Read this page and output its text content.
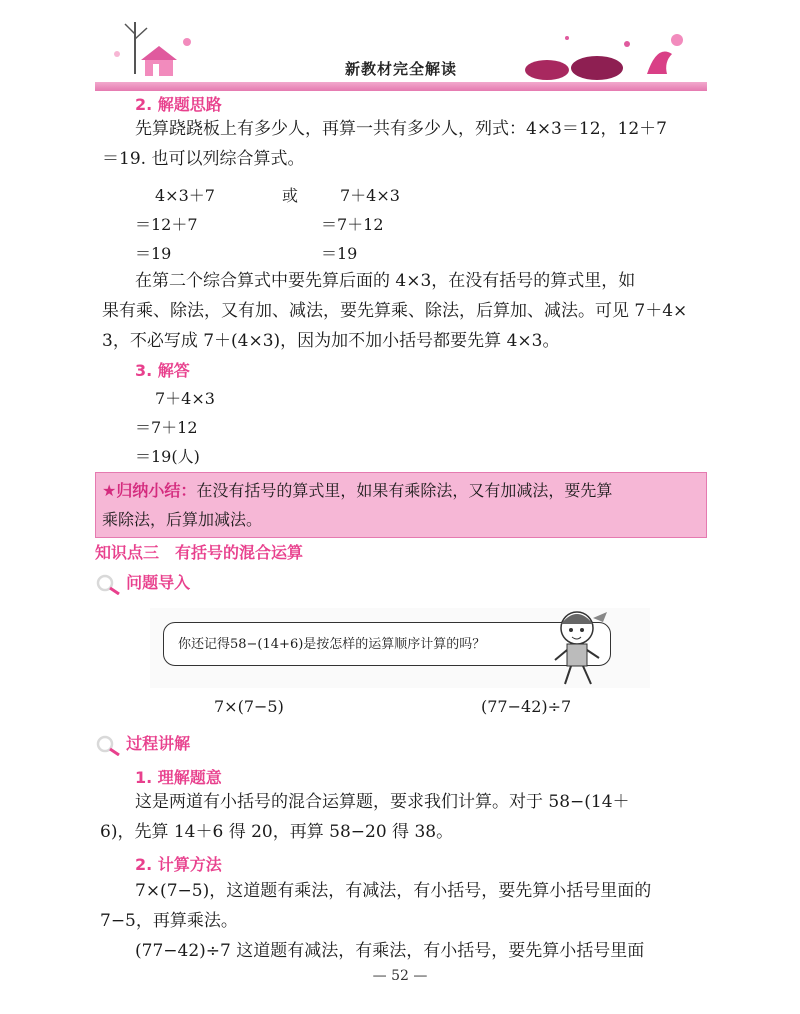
新教材完全解读
2. 解题思路

先算跷跷板上有多少人，再算一共有多少人，列式：4×3＝12，12＋7

＝19. 也可以列综合算式。

4×3＋7
＝12＋7
＝19
或	7＋4×3
＝7＋12
＝19

在第二个综合算式中要先算后面的 4×3，在没有括号的算式里，如

果有乘、除法，又有加、减法，要先算乘、除法，后算加、减法。可见 7＋4×

3，不必写成 7＋(4×3)，因为加不加小括号都要先算 4×3。

3. 解答
7＋4×3
＝7＋12
＝19(人)
★归纳小结：在没有括号的算式里，如果有乘除法，又有加减法，要先算
乘除法，后算加减法。
知识点三　有括号的混合运算
问题导入
你还记得58−(14+6)是按怎样的运算顺序计算的吗？
7×(7−5)	(77−42)÷7
过程讲解
1. 理解题意

这是两道有小括号的混合运算题，要求我们计算。对于 58−(14＋

6)，先算 14＋6 得 20，再算 58−20 得 38。

2. 计算方法

7×(7−5)，这道题有乘法，有减法，有小括号，要先算小括号里面的

7−5，再算乘法。

(77−42)÷7 这道题有减法，有乘法，有小括号，要先算小括号里面

— 52 —
